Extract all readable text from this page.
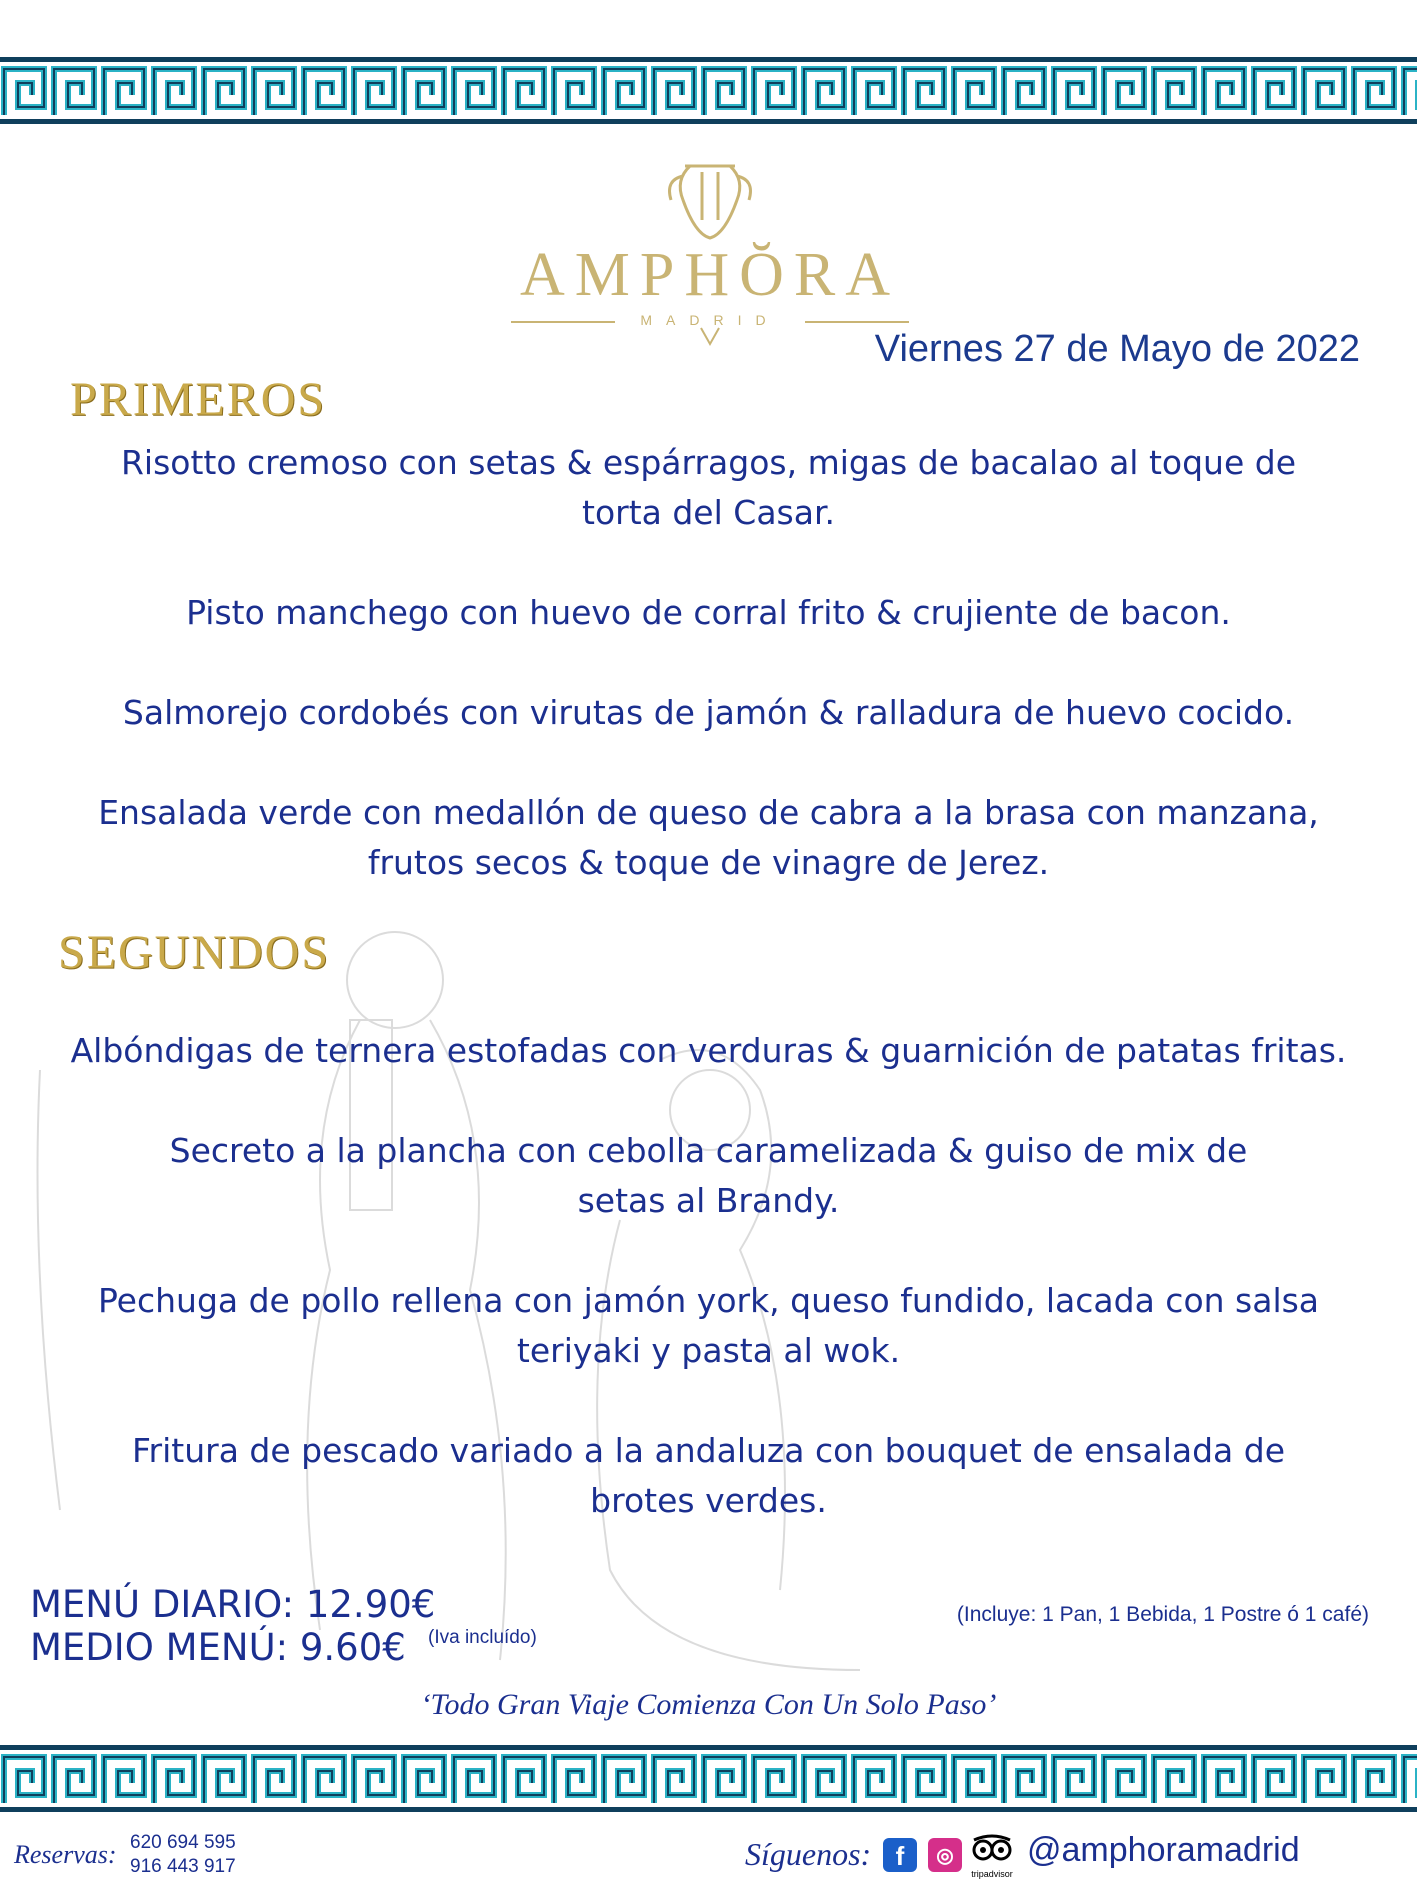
AMPHŎRA
MADRID
Viernes 27 de Mayo de 2022
PRIMEROS
Risotto cremoso con setas & espárragos, migas de bacalao al toque de
torta del Casar.
Pisto manchego con huevo de corral frito & crujiente de bacon.
Salmorejo cordobés con virutas de jamón & ralladura de huevo cocido.
Ensalada verde con medallón de queso de cabra a la brasa con manzana,
frutos secos & toque de vinagre de Jerez.
SEGUNDOS
Albóndigas de ternera estofadas con verduras & guarnición de patatas fritas.
Secreto a la plancha con cebolla caramelizada & guiso de mix de
setas al Brandy.
Pechuga de pollo rellena con jamón york, queso fundido, lacada con salsa
teriyaki y pasta al wok.
Fritura de pescado variado a la andaluza con bouquet de ensalada de
brotes verdes.
MENÚ DIARIO: 12.90€
MEDIO MENÚ: 9.60€ (Iva incluído)
(Incluye: 1 Pan, 1 Bebida, 1 Postre ó 1 café)
‘Todo Gran Viaje Comienza Con Un Solo Paso’
Reservas: 620 694 595
916 443 917	Síguenos: f	◎
tripadvisor
@amphoramadrid
